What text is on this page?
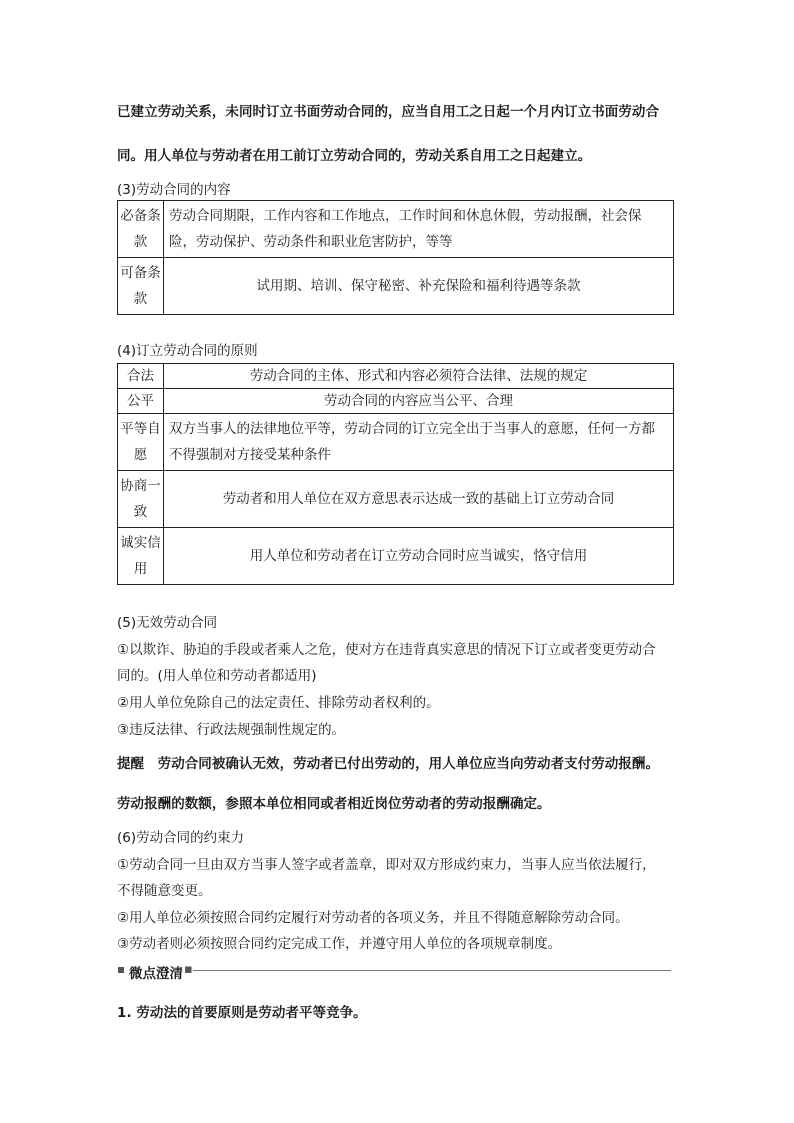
已建立劳动关系，未同时订立书面劳动合同的，应当自用工之日起一个月内订立书面劳动合
同。用人单位与劳动者在用工前订立劳动合同的，劳动关系自用工之日起建立。
(3)劳动合同的内容
必备条款	劳动合同期限，工作内容和工作地点，工作时间和休息休假，劳动报酬，社会保险，劳动保护、劳动条件和职业危害防护，等等
可备条款	试用期、培训、保守秘密、补充保险和福利待遇等条款
(4)订立劳动合同的原则
合法	劳动合同的主体、形式和内容必须符合法律、法规的规定
公平	劳动合同的内容应当公平、合理
平等自愿	双方当事人的法律地位平等，劳动合同的订立完全出于当事人的意愿，任何一方都不得强制对方接受某种条件
协商一致	劳动者和用人单位在双方意思表示达成一致的基础上订立劳动合同
诚实信用	用人单位和劳动者在订立劳动合同时应当诚实，恪守信用
(5)无效劳动合同
①以欺诈、胁迫的手段或者乘人之危，使对方在违背真实意思的情况下订立或者变更劳动合
同的。(用人单位和劳动者都适用)
②用人单位免除自己的法定责任、排除劳动者权利的。
③违反法律、行政法规强制性规定的。
提醒　劳动合同被确认无效，劳动者已付出劳动的，用人单位应当向劳动者支付劳动报酬。
劳动报酬的数额，参照本单位相同或者相近岗位劳动者的劳动报酬确定。
(6)劳动合同的约束力
①劳动合同一旦由双方当事人签字或者盖章，即对双方形成约束力，当事人应当依法履行，
不得随意变更。
②用人单位必须按照合同约定履行对劳动者的各项义务，并且不得随意解除劳动合同。
③劳动者则必须按照合同约定完成工作，并遵守用人单位的各项规章制度。
微点澄清 ▪
1. 劳动法的首要原则是劳动者平等竞争。
